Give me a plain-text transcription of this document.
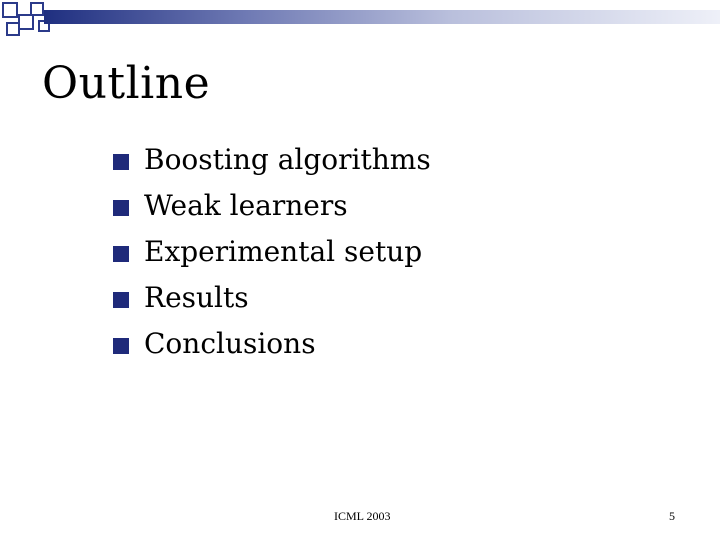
Outline
Boosting algorithms
Weak learners
Experimental setup
Results
Conclusions
ICML 2003	5
